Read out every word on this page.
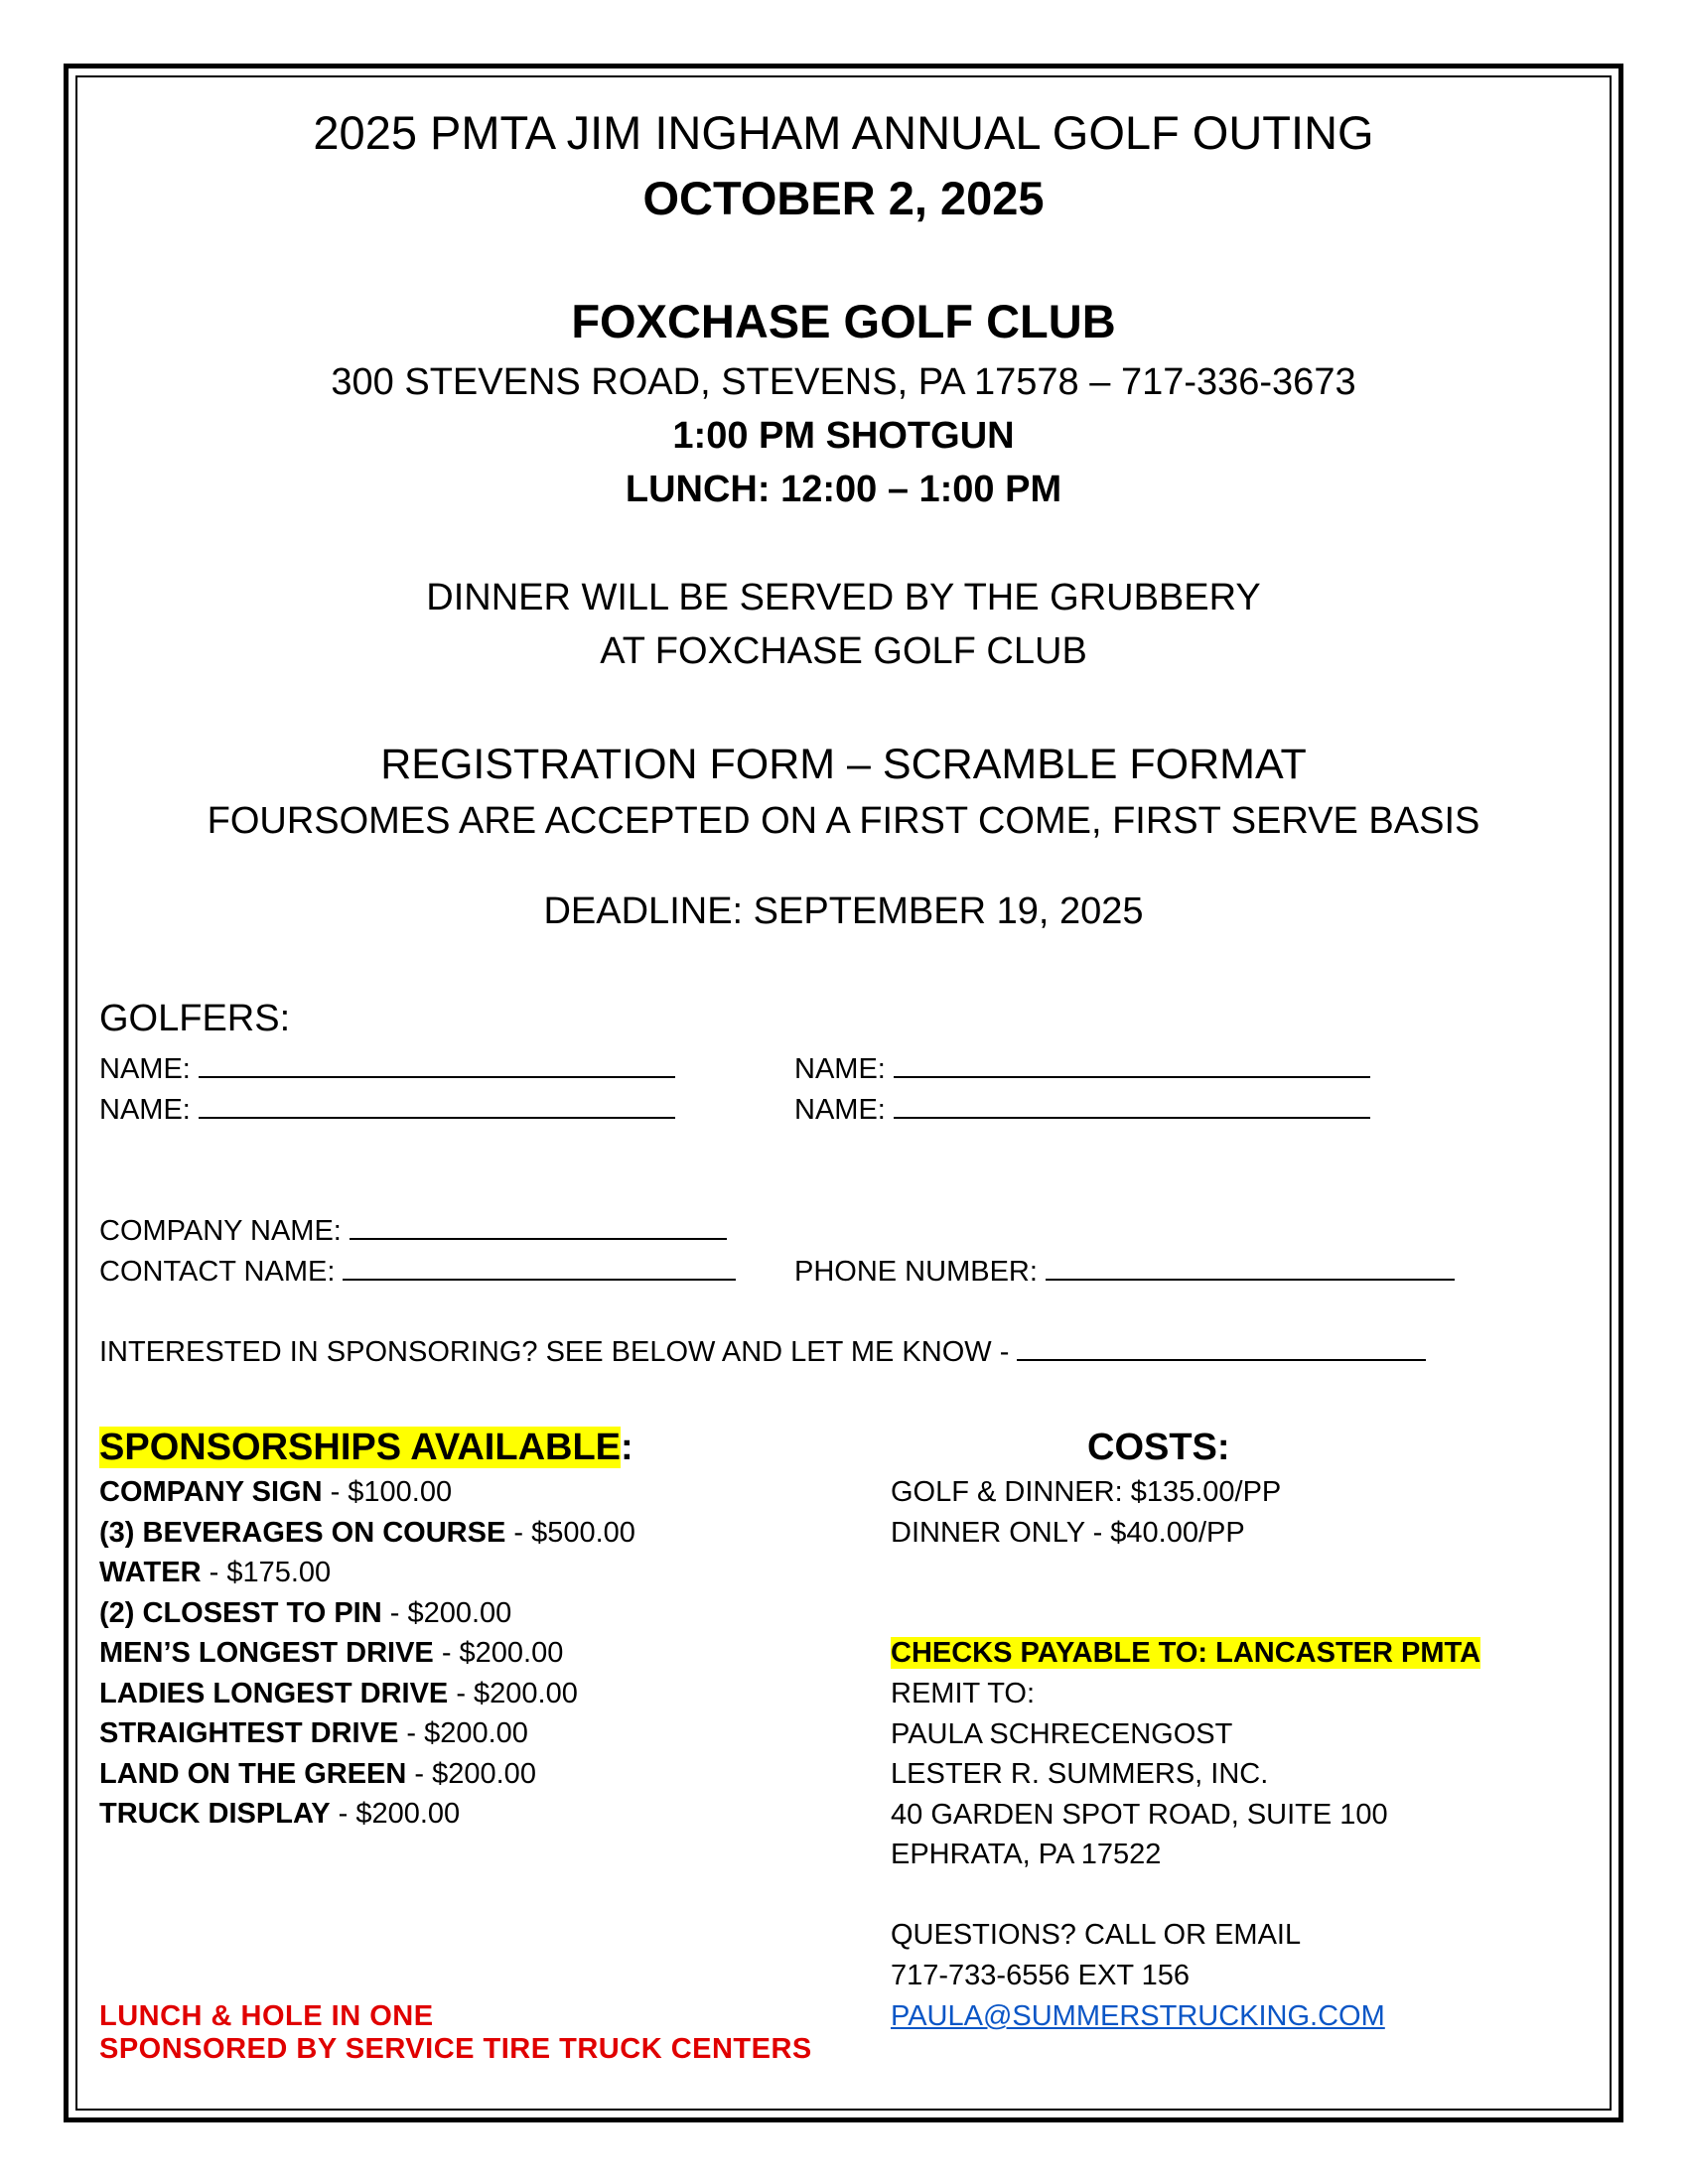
2025 PMTA JIM INGHAM ANNUAL GOLF OUTING
OCTOBER 2, 2025
FOXCHASE GOLF CLUB
300 STEVENS ROAD, STEVENS, PA 17578 – 717-336-3673
1:00 PM SHOTGUN
LUNCH: 12:00 – 1:00 PM
DINNER WILL BE SERVED BY THE GRUBBERY
AT FOXCHASE GOLF CLUB
REGISTRATION FORM – SCRAMBLE FORMAT
FOURSOMES ARE ACCEPTED ON A FIRST COME, FIRST SERVE BASIS
DEADLINE: SEPTEMBER 19, 2025
GOLFERS:
NAME:	NAME:
NAME:	NAME:
COMPANY NAME:
CONTACT NAME:	PHONE NUMBER:
INTERESTED IN SPONSORING? SEE BELOW AND LET ME KNOW -
SPONSORSHIPS AVAILABLE:
COMPANY SIGN - $100.00
(3) BEVERAGES ON COURSE - $500.00
WATER - $175.00
(2) CLOSEST TO PIN - $200.00
MEN’S LONGEST DRIVE - $200.00
LADIES LONGEST DRIVE - $200.00
STRAIGHTEST DRIVE - $200.00
LAND ON THE GREEN - $200.00
TRUCK DISPLAY - $200.00
LUNCH & HOLE IN ONE
SPONSORED BY SERVICE TIRE TRUCK CENTERS
COSTS:
GOLF & DINNER: $135.00/PP
DINNER ONLY - $40.00/PP
CHECKS PAYABLE TO: LANCASTER PMTA
REMIT TO:
PAULA SCHRECENGOST
LESTER R. SUMMERS, INC.
40 GARDEN SPOT ROAD, SUITE 100
EPHRATA, PA 17522
QUESTIONS? CALL OR EMAIL
717-733-6556 EXT 156
PAULA@SUMMERSTRUCKING.COM
